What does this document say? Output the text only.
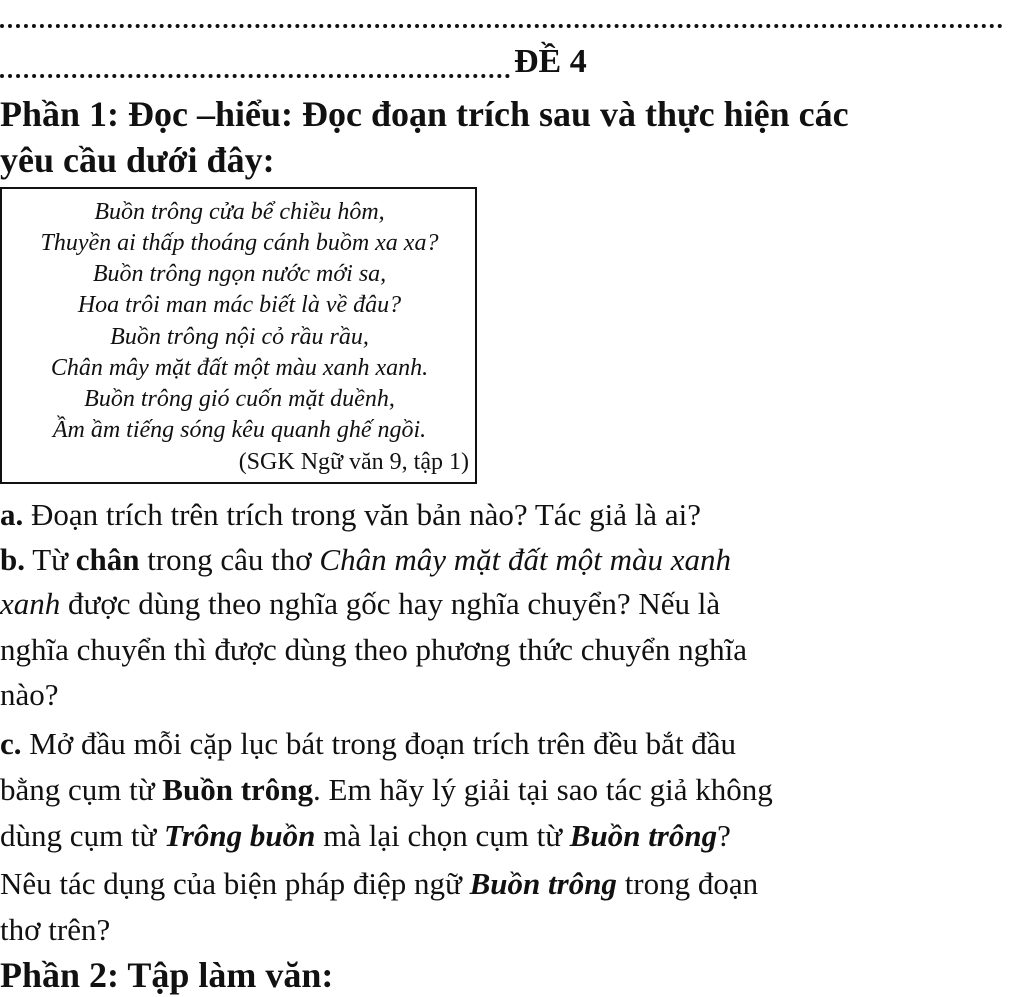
ĐỀ 4
Phần 1: Đọc –hiểu: Đọc đoạn trích sau và thực hiện các
yêu cầu dưới đây:
Buồn trông cửa bể chiều hôm,
Thuyền ai thấp thoáng cánh buồm xa xa?
Buồn trông ngọn nước mới sa,
Hoa trôi man mác biết là về đâu?
Buồn trông nội cỏ rầu rầu,
Chân mây mặt đất một màu xanh xanh.
Buồn trông gió cuốn mặt duềnh,
Ầm ầm tiếng sóng kêu quanh ghế ngồi.
(SGK Ngữ văn 9, tập 1)
a. Đoạn trích trên trích trong văn bản nào? Tác giả là ai?
b. Từ chân trong câu thơ Chân mây mặt đất một màu xanh
xanh được dùng theo nghĩa gốc hay nghĩa chuyển? Nếu là
nghĩa chuyển thì được dùng theo phương thức chuyển nghĩa
nào?
c. Mở đầu mỗi cặp lục bát trong đoạn trích trên đều bắt đầu
bằng cụm từ Buồn trông. Em hãy lý giải tại sao tác giả không
dùng cụm từ Trông buồn mà lại chọn cụm từ Buồn trông?
Nêu tác dụng của biện pháp điệp ngữ Buồn trông trong đoạn
thơ trên?
Phần 2: Tập làm văn:
